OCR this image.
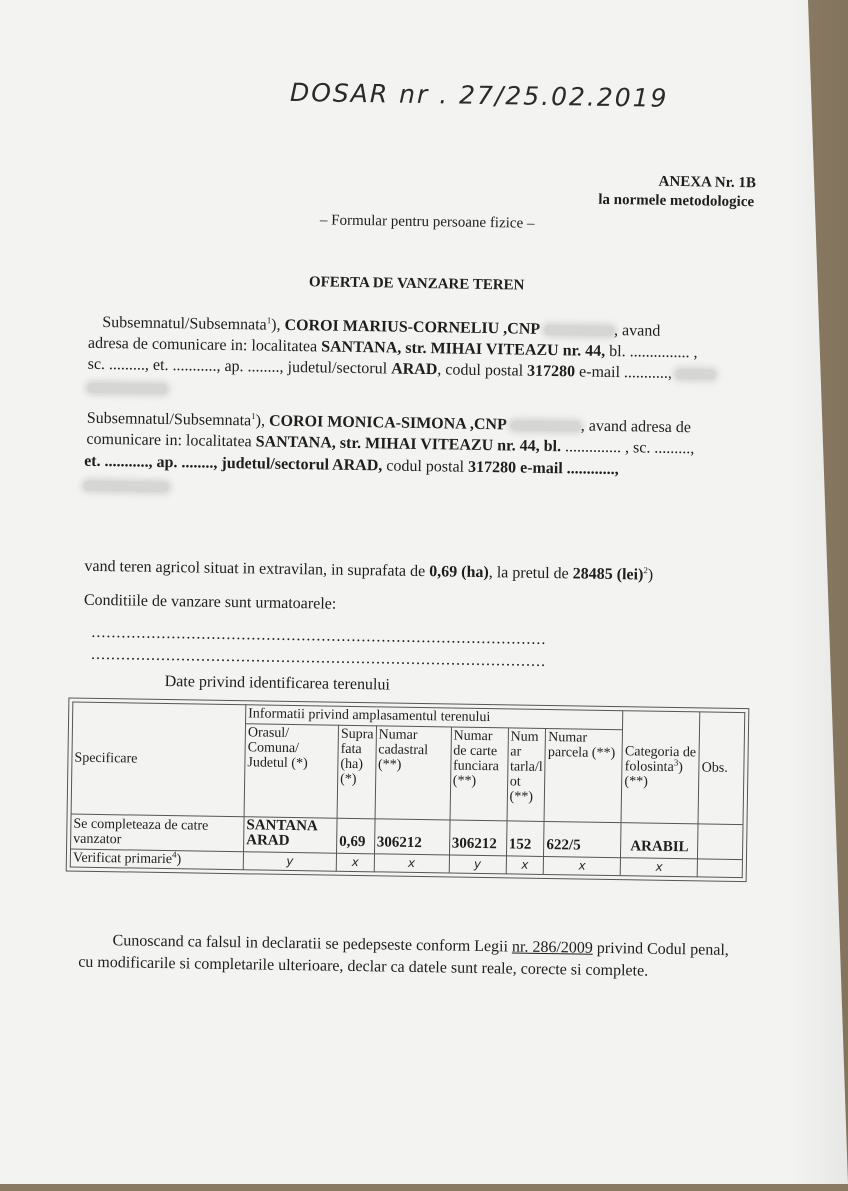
DOSAR nr . 27/25.02.2019
ANEXA Nr. 1B
la normele metodologice
– Formular pentru persoane fizice –
OFERTA DE VANZARE TEREN
Subsemnatul/Subsemnata$^1$), COROI MARIUS-CORNELIU ,CNP	, avand
adresa de comunicare in: localitatea SANTANA, str. MIHAI VITEAZU nr. 44, bl. ............... ,
sc. ........., et. ..........., ap. ........, judetul/sectorul ARAD, codul postal 317280 e-mail ...........,
Subsemnatul/Subsemnata$^1$), COROI MONICA-SIMONA ,CNP	, avand adresa de
comunicare in: localitatea SANTANA, str. MIHAI VITEAZU nr. 44, bl. .............. , sc. .........,
et. ..........., ap. ........, judetul/sectorul ARAD, codul postal 317280 e-mail ............,
vand teren agricol situat in extravilan, in suprafata de 0,69 (ha), la pretul de 28485 (lei)$^2$)
Conditiile de vanzare sunt urmatoarele:
...........................................................................................
...........................................................................................
Date privind identificarea terenului
Specificare	Informatii privind amplasamentul terenului						Categoria de folosinta$^3$) (**)	Obs.
	Orasul/ Comuna/ Judetul (*)	Supra fata (ha) (*)	Numar cadastral (**)	Numar de carte funciara (**)	Num ar tarla/l ot (**)	Numar parcela (**)		
Se completeaza de catre vanzator	SANTANA ARAD	0,69	306212	306212	152	622/5	ARABIL	
Verificat primarie$^4$)	y	x	x	y	x	x	x	
Cunoscand ca falsul in declaratii se pedepseste conform Legii nr. 286/2009 privind Codul penal,
cu modificarile si completarile ulterioare, declar ca datele sunt reale, corecte si complete.
